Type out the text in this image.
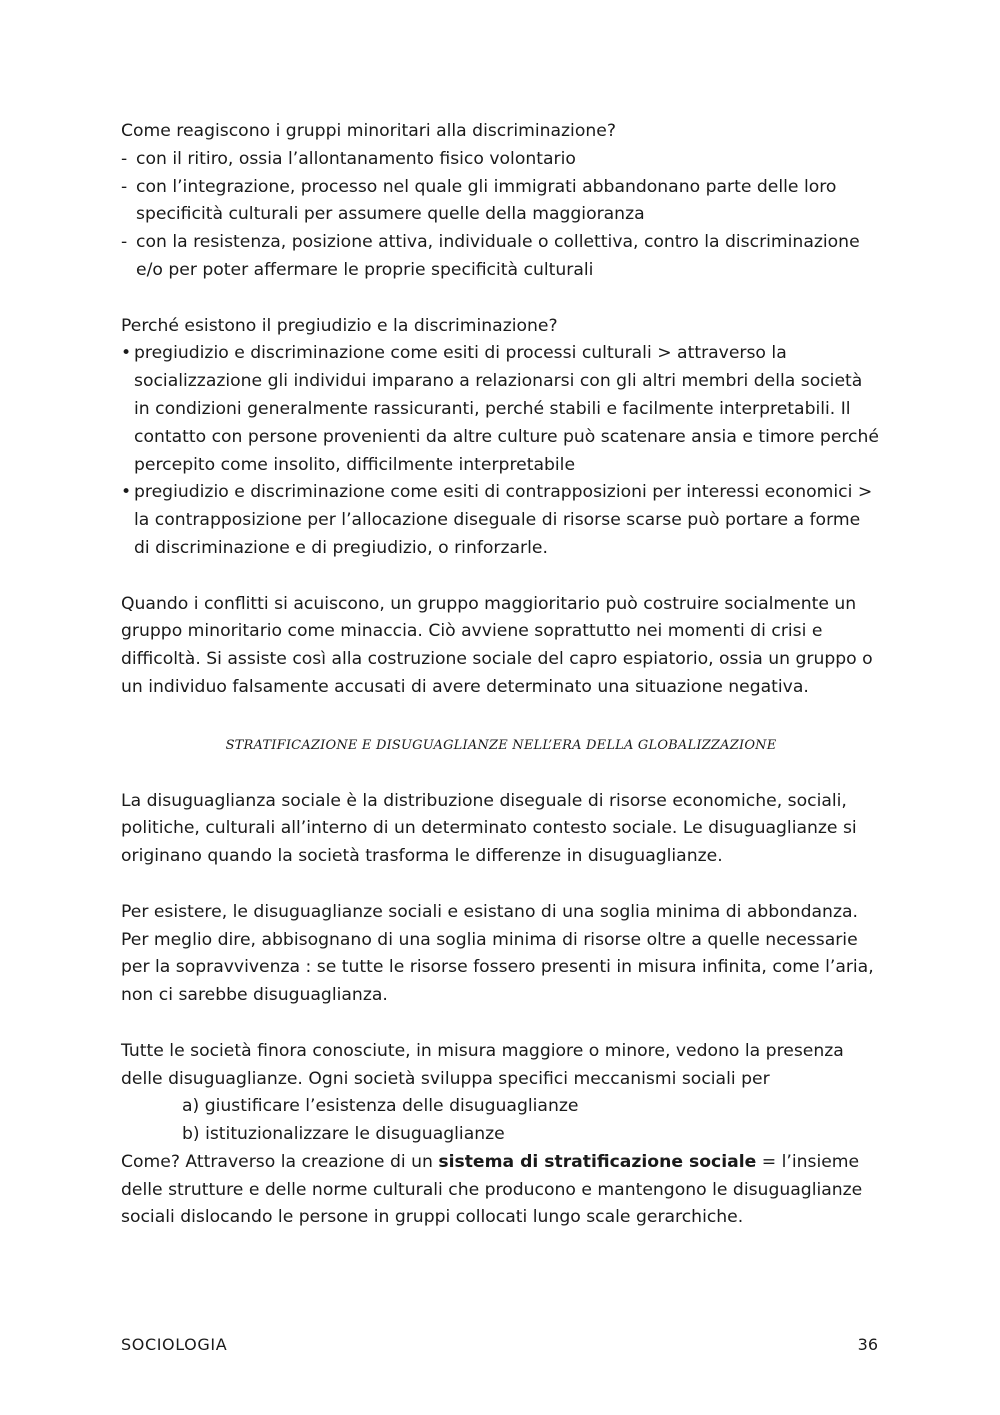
Come reagiscono i gruppi minoritari alla discriminazione?

- con il ritiro, ossia l’allontanamento fisico volontario
- con l’integrazione, processo nel quale gli immigrati abbandonano parte delle loro specificità culturali per assumere quelle della maggioranza
- con la resistenza, posizione attiva, individuale o collettiva, contro la discriminazione e/o per poter affermare le proprie specificità culturali

Perché esistono il pregiudizio e la discriminazione?

• pregiudizio e discriminazione come esiti di processi culturali > attraverso la socializzazione gli individui imparano a relazionarsi con gli altri membri della società in condizioni generalmente rassicuranti, perché stabili e facilmente interpretabili. Il contatto con persone provenienti da altre culture può scatenare ansia e timore perché percepito come insolito, difficilmente interpretabile
• pregiudizio e discriminazione come esiti di contrapposizioni per interessi economici > la contrapposizione per l’allocazione diseguale di risorse scarse può portare a forme di discriminazione e di pregiudizio, o rinforzarle.

Quando i conflitti si acuiscono, un gruppo maggioritario può costruire socialmente un gruppo minoritario come minaccia. Ciò avviene soprattutto nei momenti di crisi e difficoltà. Si assiste così alla costruzione sociale del capro espiatorio, ossia un gruppo o un individuo falsamente accusati di avere determinato una situazione negativa.

STRATIFICAZIONE E DISUGUAGLIANZE NELL’ERA DELLA GLOBALIZZAZIONE

La disuguaglianza sociale è la distribuzione diseguale di risorse economiche, sociali, politiche, culturali all’interno di un determinato contesto sociale. Le disuguaglianze si originano quando la società trasforma le differenze in disuguaglianze.

Per esistere, le disuguaglianze sociali e esistano di una soglia minima di abbondanza. Per meglio dire, abbisognano di una soglia minima di risorse oltre a quelle necessarie per la sopravvivenza : se tutte le risorse fossero presenti in misura infinita, come l’aria, non ci sarebbe disuguaglianza.

Tutte le società finora conosciute, in misura maggiore o minore, vedono la presenza delle disuguaglianze. Ogni società sviluppa specifici meccanismi sociali per

a) giustificare l’esistenza delle disuguaglianze

b) istituzionalizzare le disuguaglianze

Come? Attraverso la creazione di un sistema di stratificazione sociale = l’insieme delle strutture e delle norme culturali che producono e mantengono le disuguaglianze sociali dislocando le persone in gruppi collocati lungo scale gerarchiche.

SOCIOLOGIA	36
